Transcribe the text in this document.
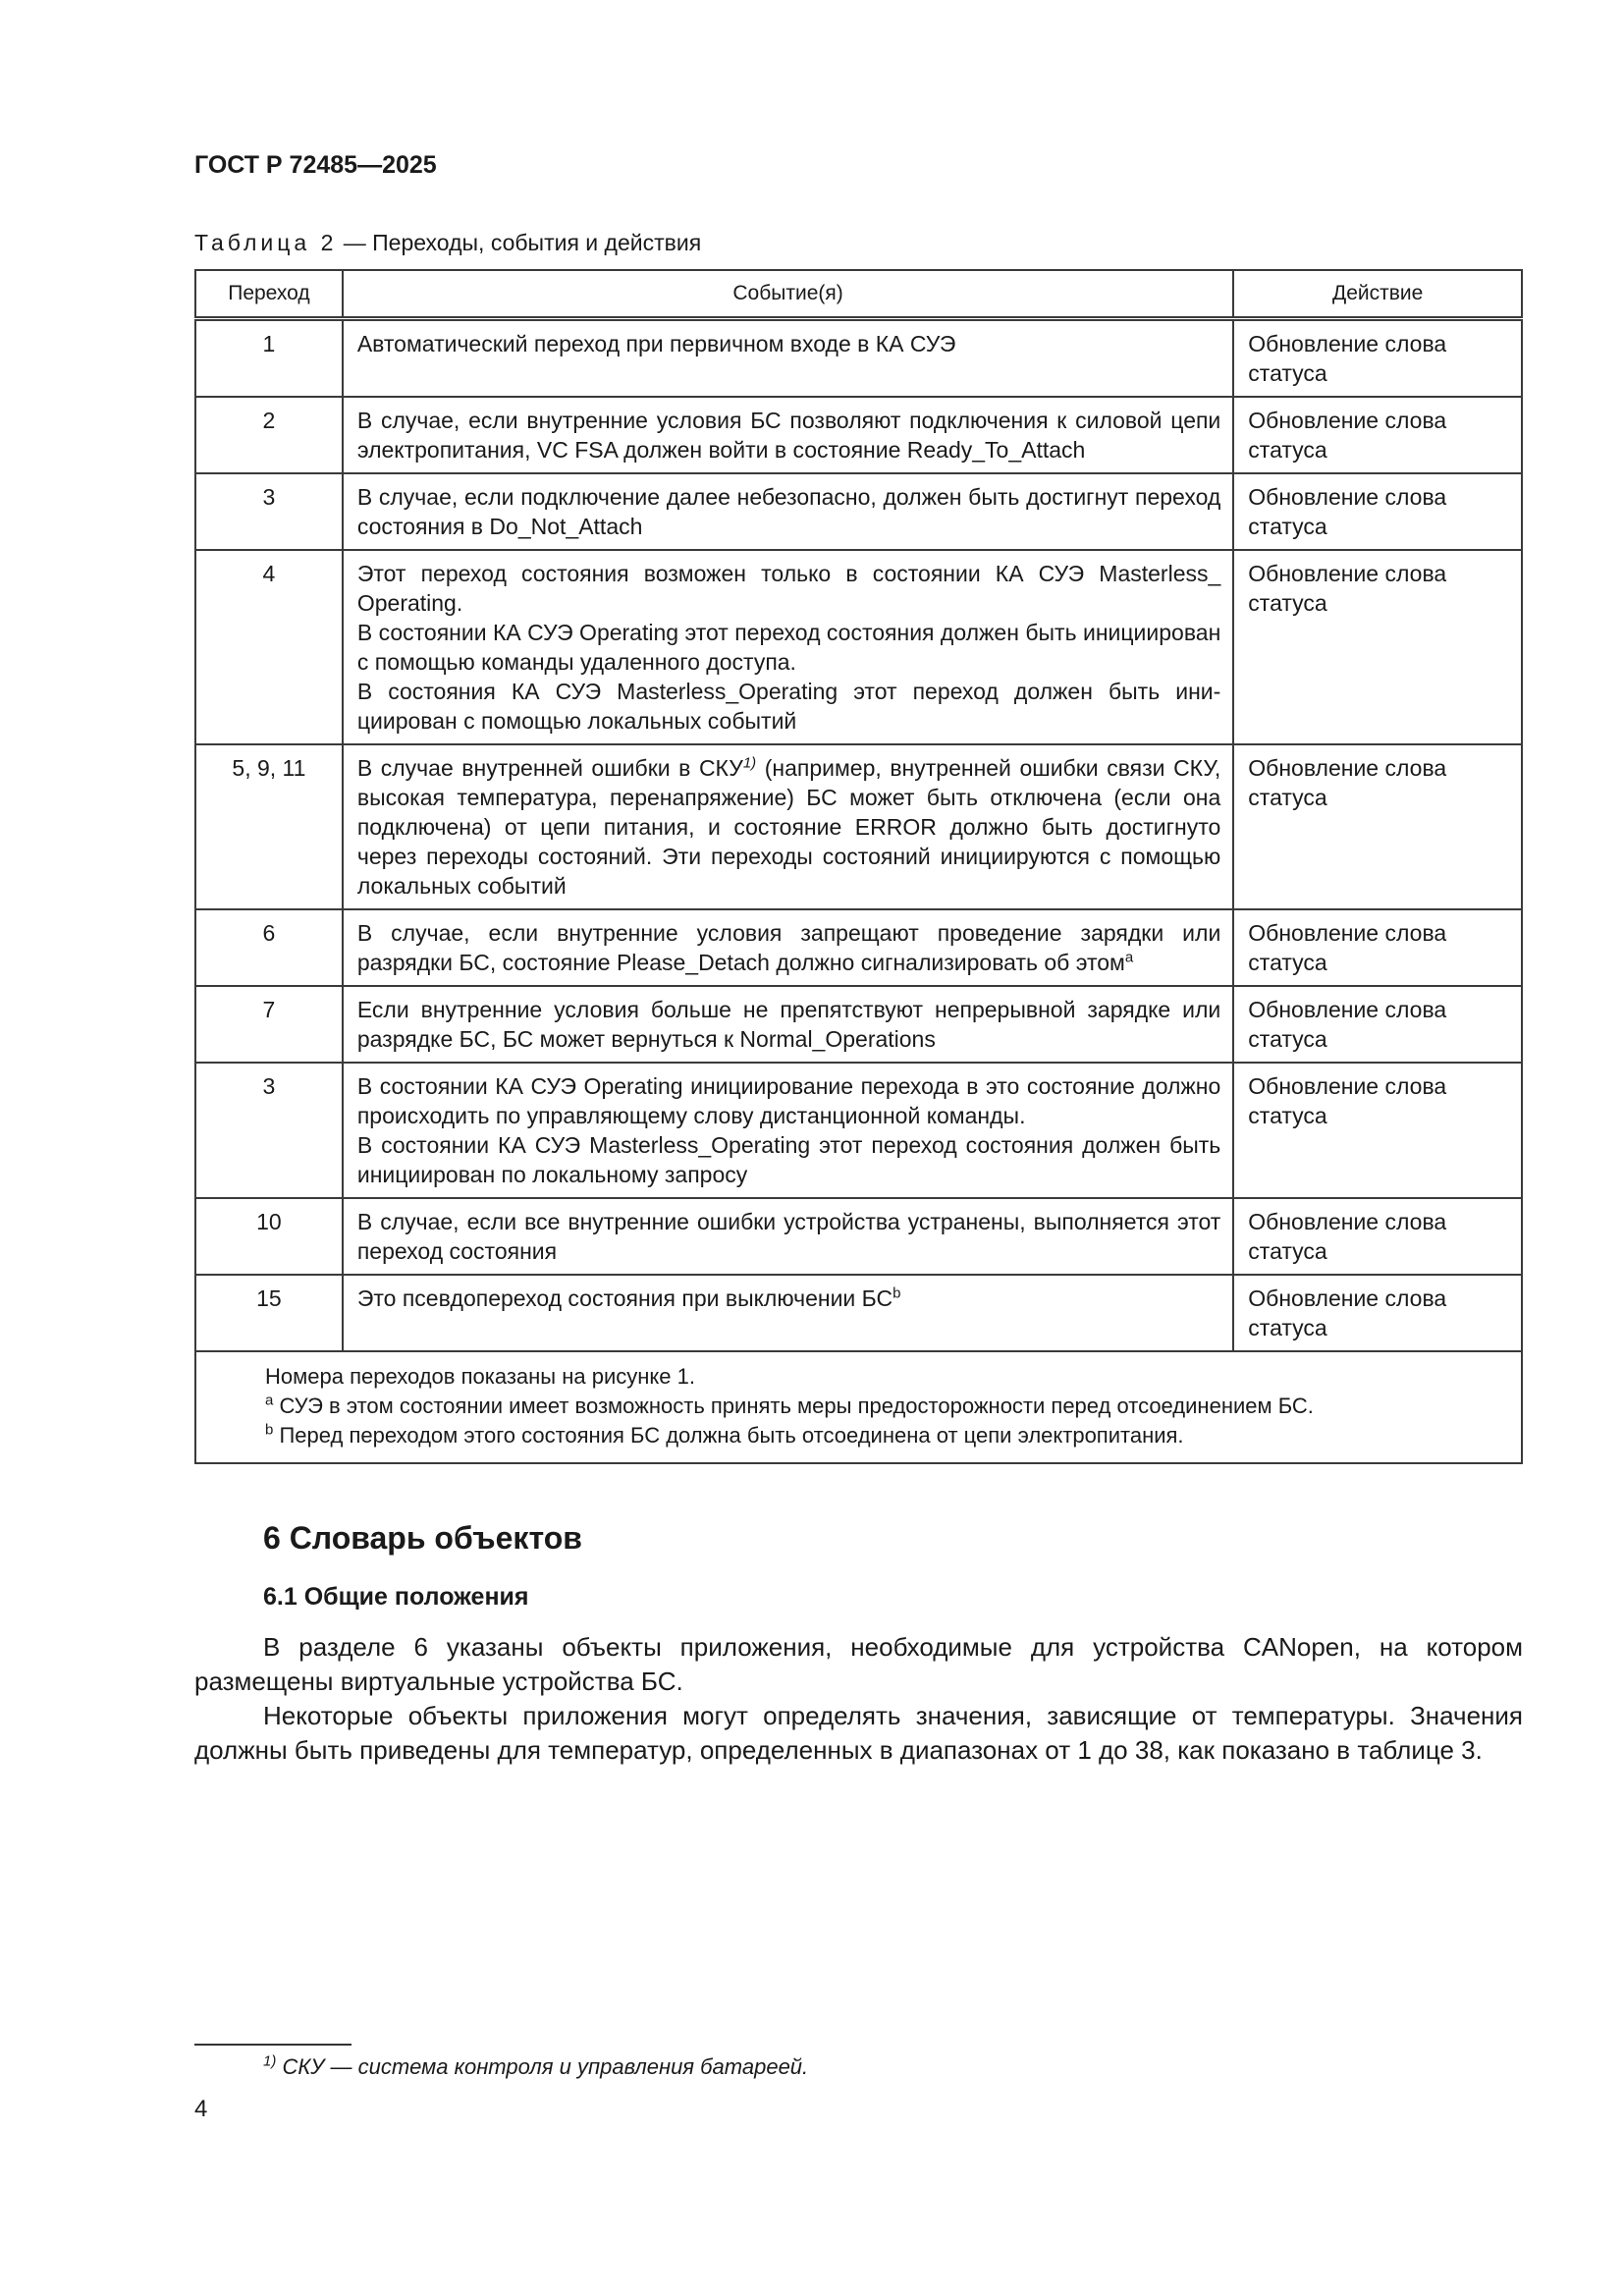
ГОСТ Р 72485—2025
Таблица 2 — Переходы, события и действия
Переход	Событие(я)	Действие
1	Автоматический переход при первичном входе в КА СУЭ	Обновление слова статуса
2	В случае, если внутренние условия БС позволяют подключения к силовой цепи электропитания, VC FSA должен войти в состояние Ready_To_Attach	Обновление слова статуса
3	В случае, если подключение далее небезопасно, должен быть достигнут переход состояния в Do_Not_Attach	Обновление слова статуса
4	Этот переход состояния возможен только в состоянии КА СУЭ Masterless_ Operating.
В состоянии КА СУЭ Operating этот переход состояния должен быть инициирован с помощью команды удаленного доступа.
В состояния КА СУЭ Masterless_Operating этот переход должен быть инициирован с помощью локальных событий	Обновление слова статуса
5, 9, 11	В случае внутренней ошибки в СКУ$^{1)}$ (например, внутренней ошибки связи СКУ, высокая температура, перенапряжение) БС может быть отключена (если она подключена) от цепи питания, и состояние ERROR должно быть достигнуто через переходы состояний. Эти переходы состояний инициируются с помощью локальных событий	Обновление слова статуса
6	В случае, если внутренние условия запрещают проведение зарядки или разрядки БС, состояние Please_Detach должно сигнализировать об этом$^a$	Обновление слова статуса
7	Если внутренние условия больше не препятствуют непрерывной зарядке или разрядке БС, БС может вернуться к Normal_Operations	Обновление слова статуса
3	В состоянии КА СУЭ Operating инициирование перехода в это состояние должно происходить по управляющему слову дистанционной команды.
В состоянии КА СУЭ Masterless_Operating этот переход состояния должен быть инициирован по локальному запросу	Обновление слова статуса
10	В случае, если все внутренние ошибки устройства устранены, выполняется этот переход состояния	Обновление слова статуса
15	Это псевдопереход состояния при выключении $БС^b$	Обновление слова статуса

Номера переходов показаны на рисунке 1.
$^a$ СУЭ в этом состоянии имеет возможность принять меры предосторожности перед отсоединением БС.
$^b$ Перед переходом этого состояния БС должна быть отсоединена от цепи электропитания.		
6 Словарь объектов
6.1 Общие положения
В разделе 6 указаны объекты приложения, необходимые для устройства CANopen, на котором размещены виртуальные устройства БС.
Некоторые объекты приложения могут определять значения, зависящие от температуры. Значения должны быть приведены для температур, определенных в диапазонах от 1 до 38, как показано в таблице 3.
$^{1)}$ СКУ — система контроля и управления батареей.
4
